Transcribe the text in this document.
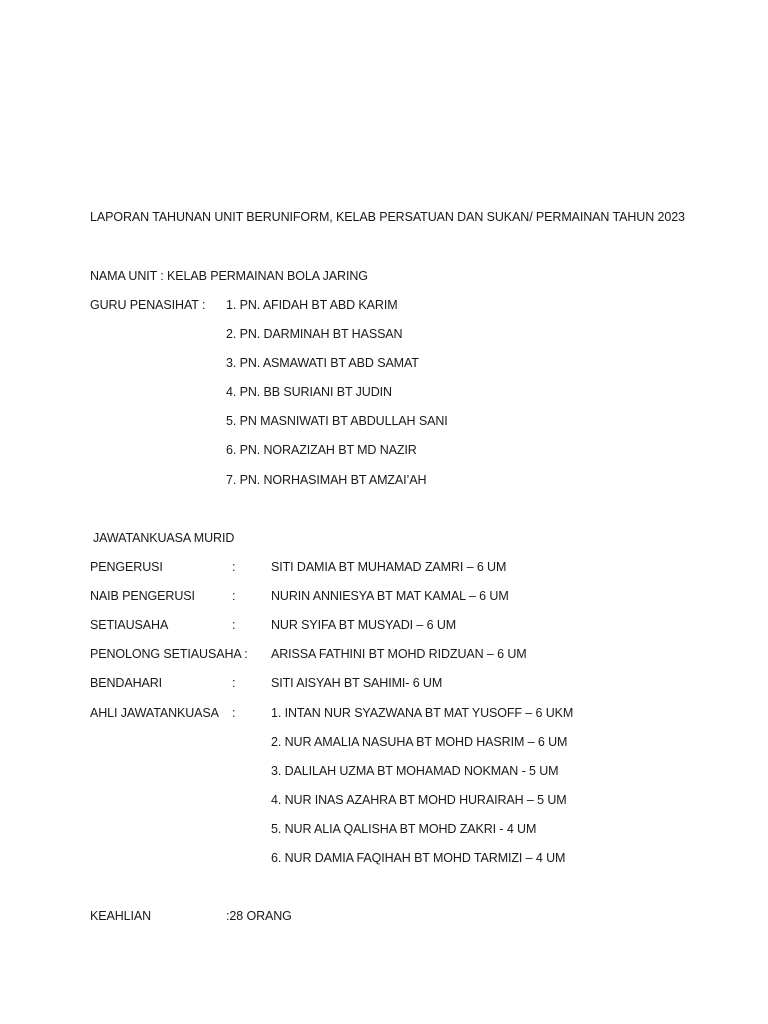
LAPORAN TAHUNAN UNIT BERUNIFORM, KELAB PERSATUAN DAN SUKAN/ PERMAINAN TAHUN 2023
NAMA UNIT : KELAB PERMAINAN BOLA JARING
GURU PENASIHAT : 1. PN. AFIDAH BT ABD KARIM
2. PN. DARMINAH BT HASSAN
3. PN. ASMAWATI BT ABD SAMAT
4. PN. BB SURIANI BT JUDIN
5. PN MASNIWATI BT ABDULLAH SANI
6. PN. NORAZIZAH BT MD NAZIR
7. PN. NORHASIMAH BT AMZAI’AH
JAWATANKUASA MURID
PENGERUSI	:	SITI DAMIA BT MUHAMAD ZAMRI – 6 UM
NAIB PENGERUSI	:	NURIN ANNIESYA BT MAT KAMAL – 6 UM
SETIAUSAHA	:	NUR SYIFA BT MUSYADI – 6 UM
PENOLONG SETIAUSAHA : ARISSA FATHINI BT MOHD RIDZUAN – 6 UM
BENDAHARI	:	SITI AISYAH BT SAHIMI- 6 UM
AHLI JAWATANKUASA :	1. INTAN NUR SYAZWANA BT MAT YUSOFF – 6 UKM
2. NUR AMALIA NASUHA BT MOHD HASRIM – 6 UM
3. DALILAH UZMA BT MOHAMAD NOKMAN - 5 UM
4. NUR INAS AZAHRA BT MOHD HURAIRAH – 5 UM
5. NUR ALIA QALISHA BT MOHD ZAKRI - 4 UM
6. NUR DAMIA FAQIHAH BT MOHD TARMIZI – 4 UM
KEAHLIAN	:28 ORANG
